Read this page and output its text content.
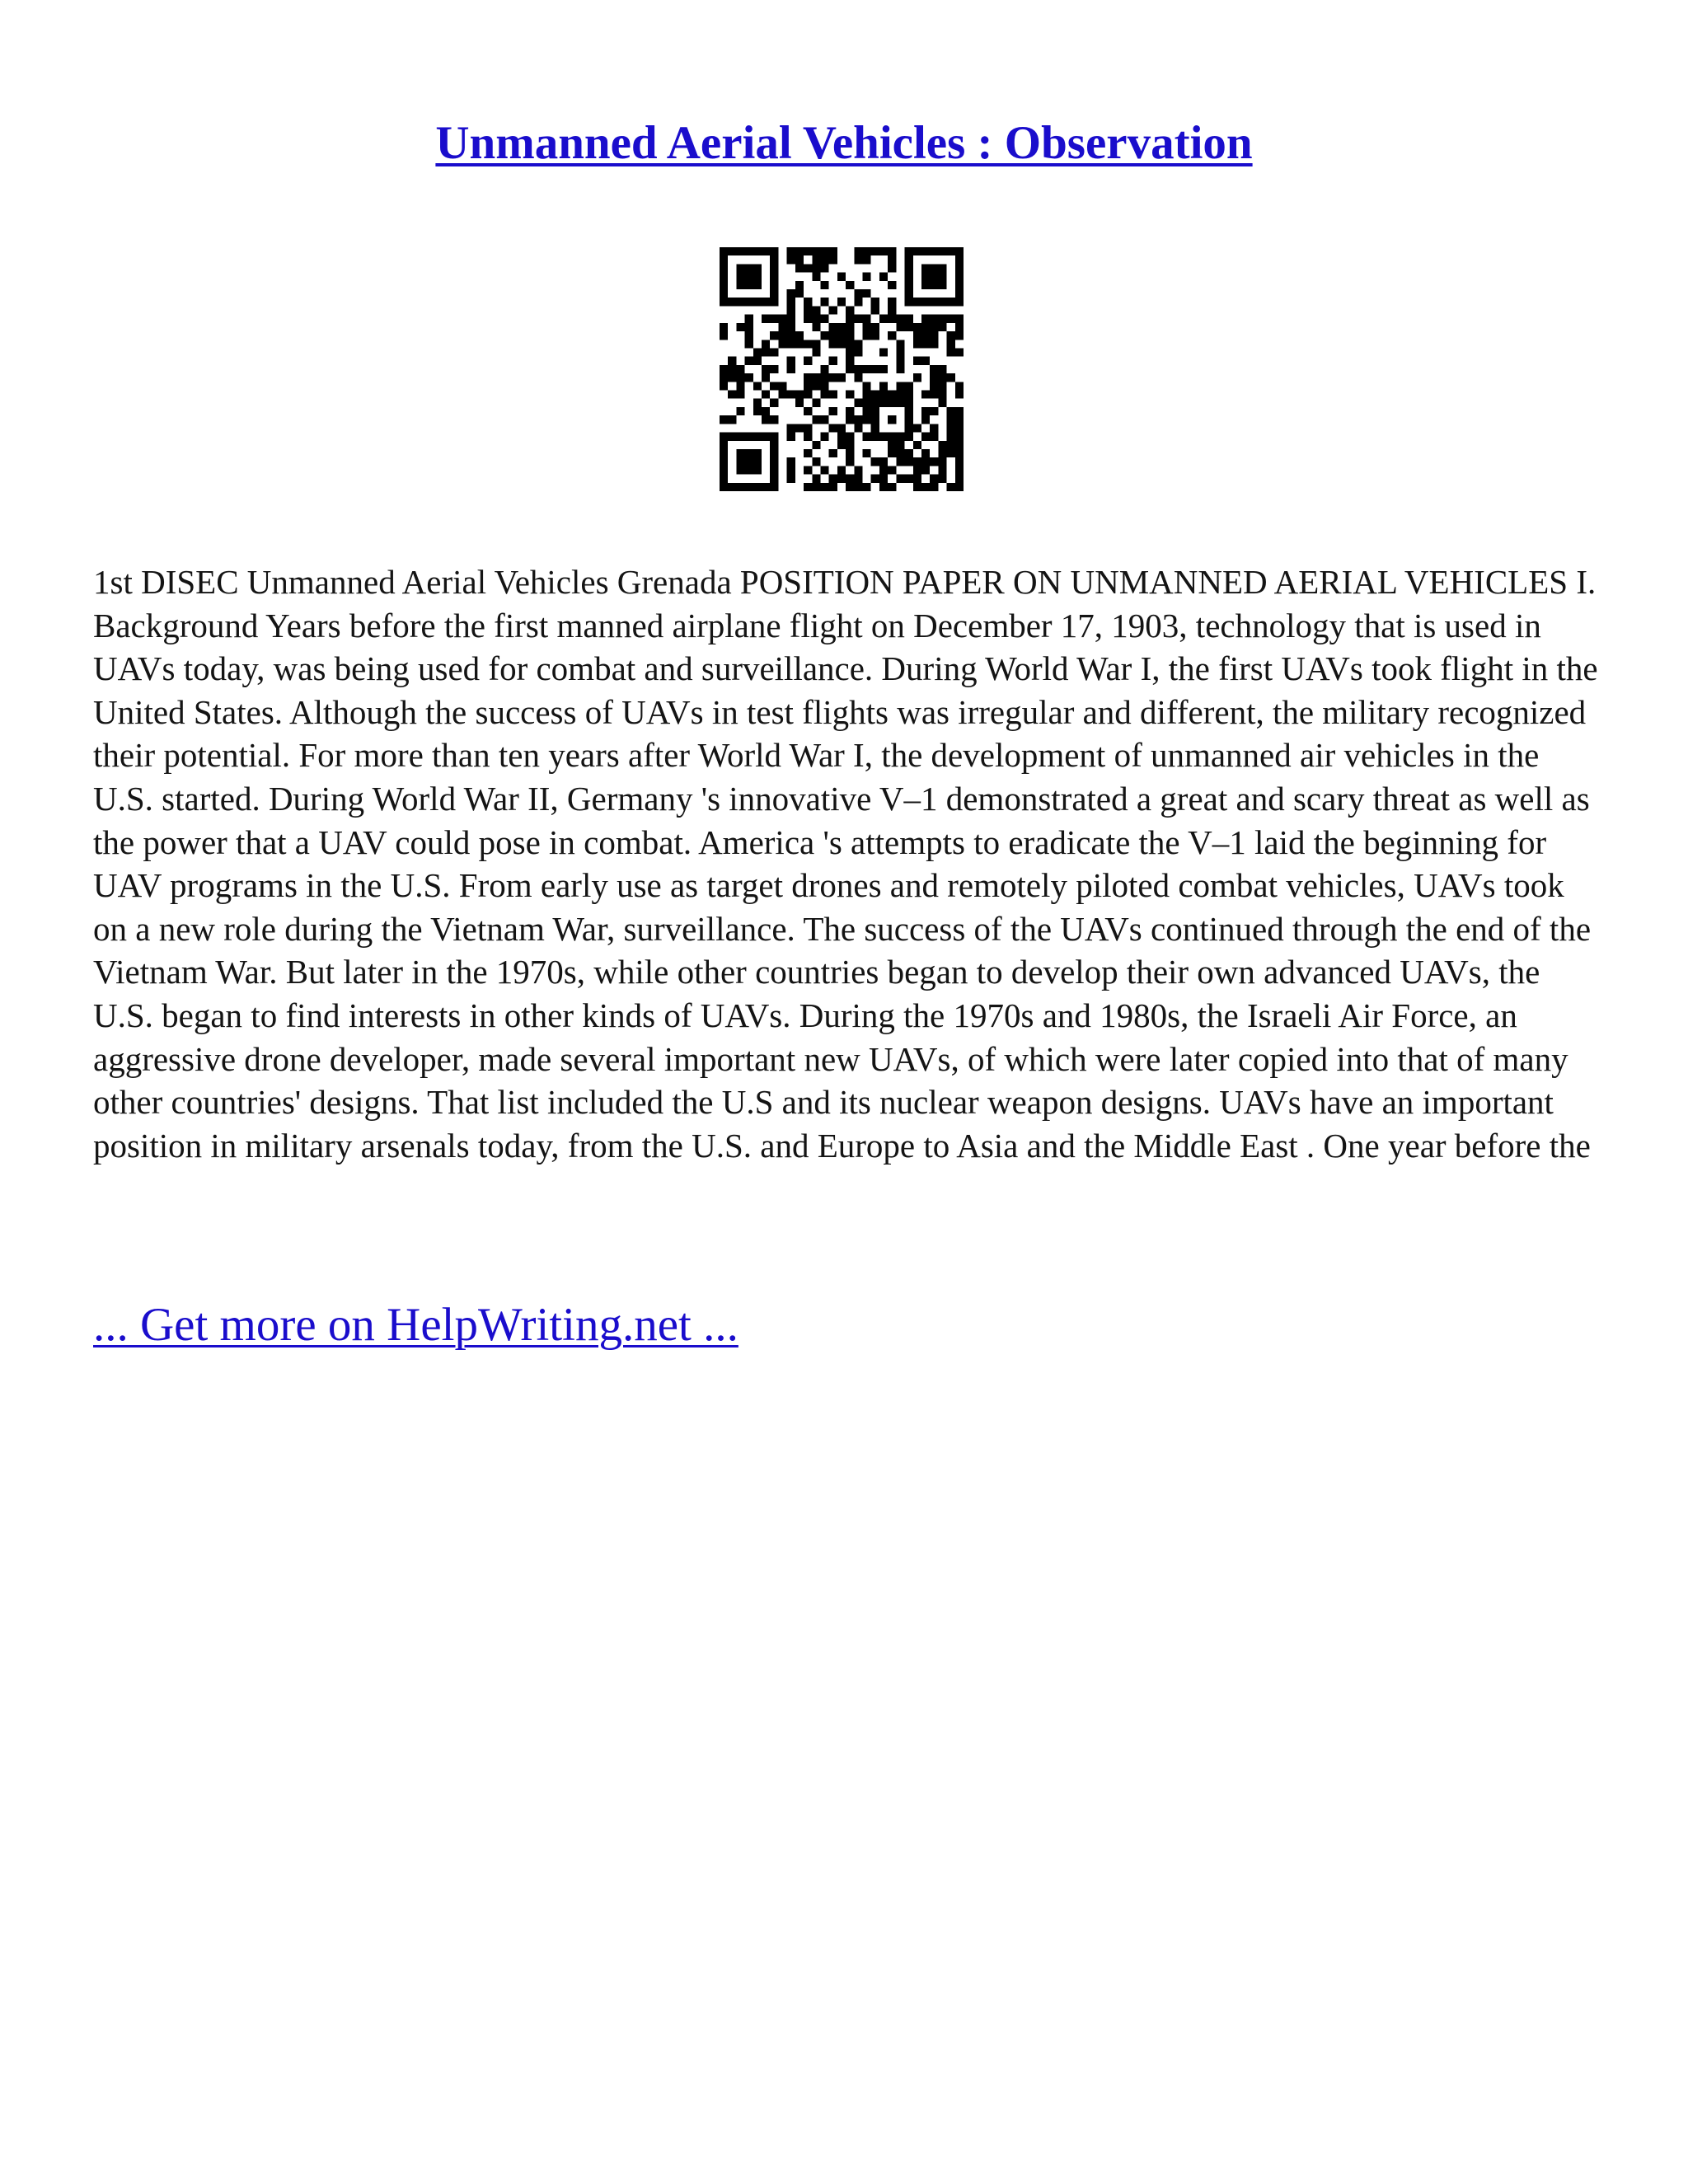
Unmanned Aerial Vehicles : Observation

1st DISEC Unmanned Aerial Vehicles Grenada POSITION PAPER ON UNMANNED AERIAL VEHICLES I. Background Years before the first manned airplane flight on December 17, 1903, technology that is used in UAVs today, was being used for combat and surveillance. During World War I, the first UAVs took flight in the United States. Although the success of UAVs in test flights was irregular and different, the military recognized their potential. For more than ten years after World War I, the development of unmanned air vehicles in the U.S. started. During World War II, Germany 's innovative V–1 demonstrated a great and scary threat as well as the power that a UAV could pose in combat. America 's attempts to eradicate the V–1 laid the beginning for UAV programs in the U.S. From early use as target drones and remotely piloted combat vehicles, UAVs took on a new role during the Vietnam War, surveillance. The success of the UAVs continued through the end of the Vietnam War. But later in the 1970s, while other countries began to develop their own advanced UAVs, the U.S. began to find interests in other kinds of UAVs. During the 1970s and 1980s, the Israeli Air Force, an aggressive drone developer, made several important new UAVs, of which were later copied into that of many other countries' designs. That list included the U.S and its nuclear weapon designs. UAVs have an important position in military arsenals today, from the U.S. and Europe to Asia and the Middle East . One year before the

... Get more on HelpWriting.net ...
